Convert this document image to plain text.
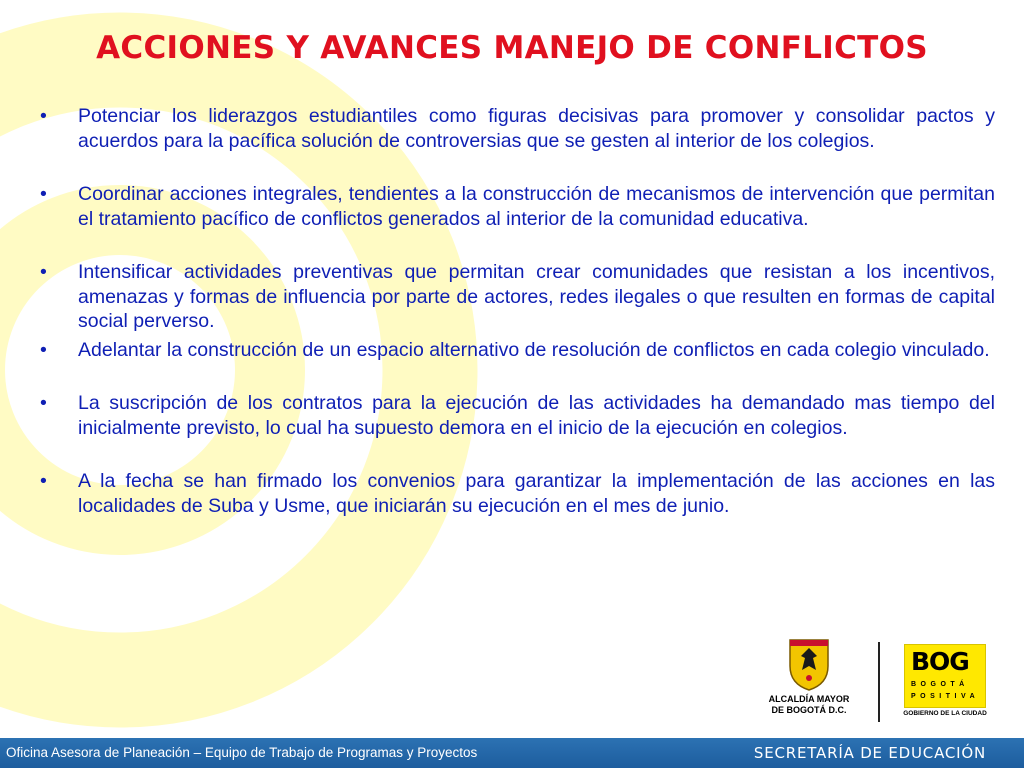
ACCIONES Y AVANCES MANEJO DE CONFLICTOS
• Potenciar los liderazgos estudiantiles como figuras decisivas para promover y consolidar pactos y acuerdos para la pacífica solución de controversias que se gesten al interior de los colegios.
• Coordinar acciones integrales, tendientes a la construcción de mecanismos de intervención que permitan el tratamiento pacífico de conflictos generados al interior de la comunidad educativa.
• Intensificar actividades preventivas que permitan crear comunidades que resistan a los incentivos, amenazas y formas de influencia por parte de actores, redes ilegales o que resulten en formas de capital social perverso.
• Adelantar la construcción de un espacio alternativo de resolución de conflictos en cada colegio vinculado.
• La suscripción de los contratos para la ejecución de las actividades ha demandado mas tiempo del inicialmente previsto, lo cual ha supuesto demora en el inicio de la ejecución en colegios.
• A la fecha se han firmado los convenios para garantizar la implementación de las acciones en las localidades de Suba y Usme, que iniciarán su ejecución en el mes de junio.
ALCALDÍA MAYOR
DE BOGOTÁ D.C.
BOG
BOGOTÁ
POSITIVA
GOBIERNO DE LA CIUDAD
Oficina Asesora de Planeación – Equipo de Trabajo de Programas y Proyectos	SECRETARÍA DE EDUCACIÓN
